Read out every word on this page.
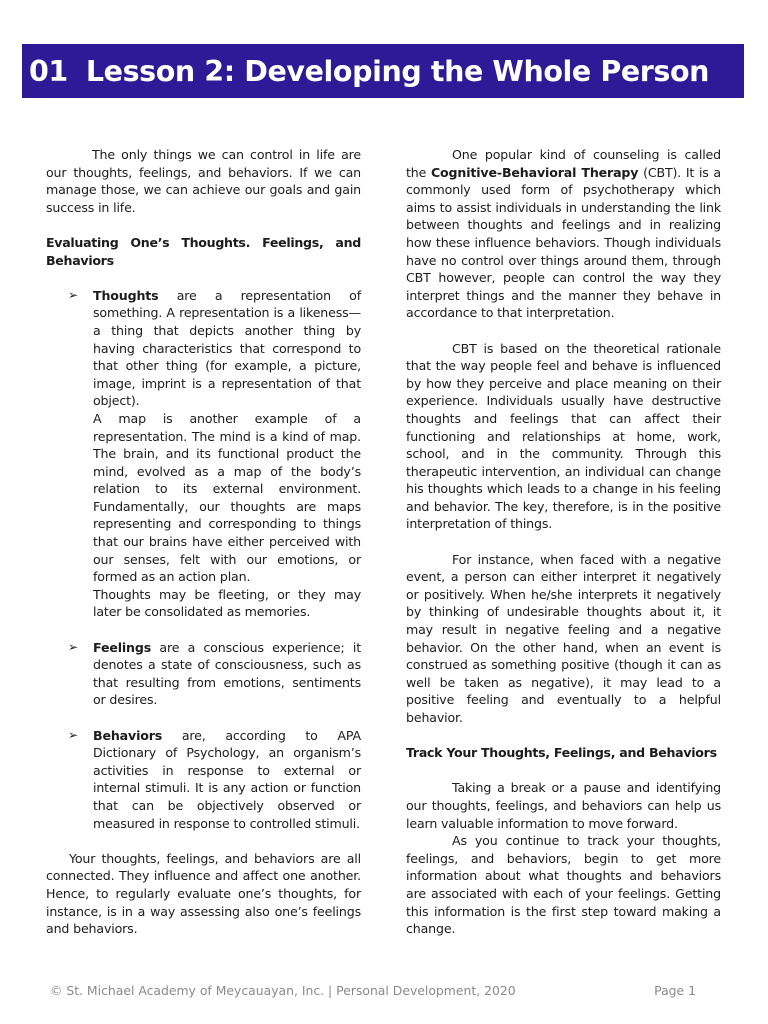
01 Lesson 2: Developing the Whole Person

The only things we can control in life are our thoughts, feelings, and behaviors. If we can manage those, we can achieve our goals and gain success in life.

Evaluating One’s Thoughts. Feelings, and Behaviors

➢ Thoughts are a representation of something. A representation is a likeness—a thing that depicts another thing by having characteristics that correspond to that other thing (for example, a picture, image, imprint is a representation of that object).

A map is another example of a representation. The mind is a kind of map. The brain, and its functional product the mind, evolved as a map of the body’s relation to its external environment. Fundamentally, our thoughts are maps representing and corresponding to things that our brains have either perceived with our senses, felt with our emotions, or formed as an action plan.

Thoughts may be fleeting, or they may later be consolidated as memories.

➢ Feelings are a conscious experience; it denotes a state of consciousness, such as that resulting from emotions, sentiments or desires.

➢ Behaviors are, according to APA Dictionary of Psychology, an organism’s activities in response to external or internal stimuli. It is any action or function that can be objectively observed or measured in response to controlled stimuli.

Your thoughts, feelings, and behaviors are all connected. They influence and affect one another. Hence, to regularly evaluate one’s thoughts, for instance, is in a way assessing also one’s feelings and behaviors.

One popular kind of counseling is called the Cognitive-Behavioral Therapy (CBT). It is a commonly used form of psychotherapy which aims to assist individuals in understanding the link between thoughts and feelings and in realizing how these influence behaviors. Though individuals have no control over things around them, through CBT however, people can control the way they interpret things and the manner they behave in accordance to that interpretation.

CBT is based on the theoretical rationale that the way people feel and behave is influenced by how they perceive and place meaning on their experience. Individuals usually have destructive thoughts and feelings that can affect their functioning and relationships at home, work, school, and in the community. Through this therapeutic intervention, an individual can change his thoughts which leads to a change in his feeling and behavior. The key, therefore, is in the positive interpretation of things.

For instance, when faced with a negative event, a person can either interpret it negatively or positively. When he/she interprets it negatively by thinking of undesirable thoughts about it, it may result in negative feeling and a negative behavior. On the other hand, when an event is construed as something positive (though it can as well be taken as negative), it may lead to a positive feeling and eventually to a helpful behavior.

Track Your Thoughts, Feelings, and Behaviors

Taking a break or a pause and identifying our thoughts, feelings, and behaviors can help us learn valuable information to move forward.

As you continue to track your thoughts, feelings, and behaviors, begin to get more information about what thoughts and behaviors are associated with each of your feelings. Getting this information is the first step toward making a change.

© St. Michael Academy of Meycauayan, Inc. | Personal Development, 2020	Page 1
